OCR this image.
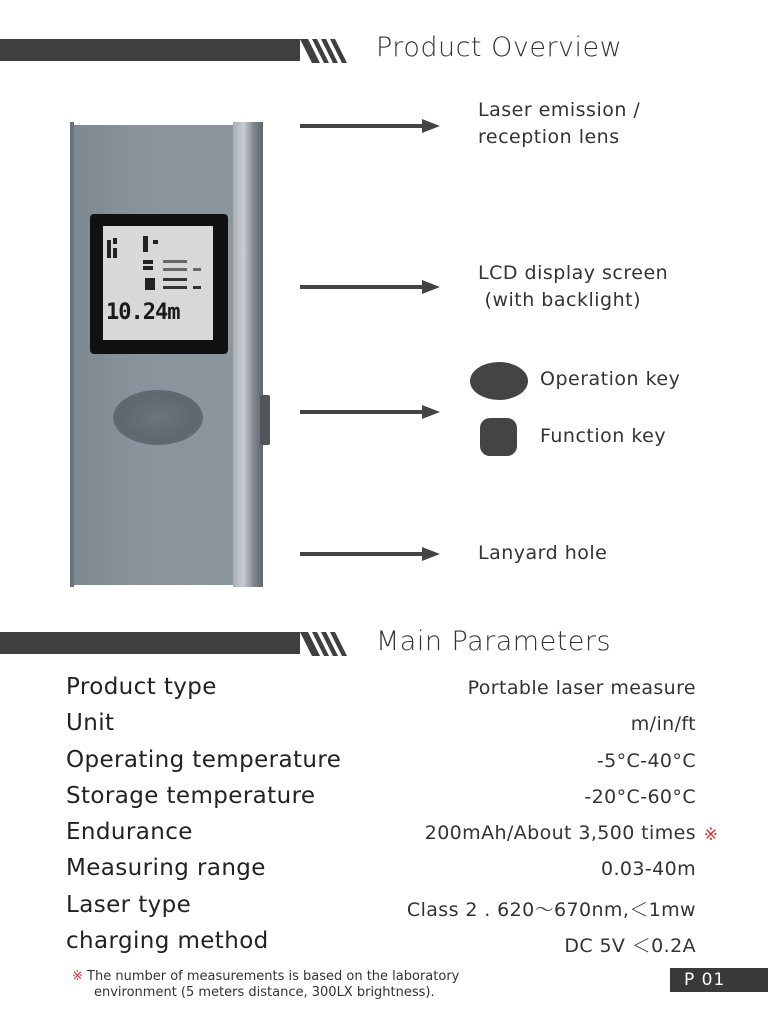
Product Overview
10.24m
Laser emission /
reception lens
LCD display screen
(with backlight)
Operation key
Function key
Lanyard hole
Main Parameters
Product type	Portable laser measure
Unit	m/in/ft
Operating temperature	-5°C-40°C
Storage temperature	-20°C-60°C
Endurance	200mAh/About 3,500 times ※
Measuring range	0.03-40m
Laser type	Class 2 . 620～670nm,＜1mw
charging method	DC 5V ＜0.2A
※ The number of measurements is based on the laboratory
environment (5 meters distance, 300LX brightness).
P 01
